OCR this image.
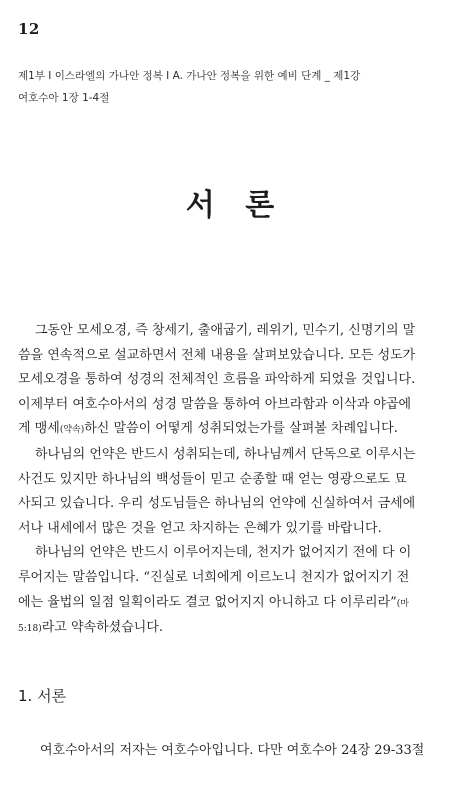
12
제1부 I 이스라엘의 가나안 정복 I A. 가나안 정복을 위한 예비 단계 _ 제1강
여호수아 1장 1-4절
서 론
그동안 모세오경, 즉 창세기, 출애굽기, 레위기, 민수기, 신명기의 말
씀을 연속적으로 설교하면서 전체 내용을 살펴보았습니다. 모든 성도가
모세오경을 통하여 성경의 전체적인 흐름을 파악하게 되었을 것입니다.
이제부터 여호수아서의 성경 말씀을 통하여 아브라함과 이삭과 야곱에
게 맹세(약속)하신 말씀이 어떻게 성취되었는가를 살펴볼 차례입니다.
하나님의 언약은 반드시 성취되는데, 하나님께서 단독으로 이루시는
사건도 있지만 하나님의 백성들이 믿고 순종할 때 얻는 영광으로도 묘
사되고 있습니다. 우리 성도님들은 하나님의 언약에 신실하여서 금세에
서나 내세에서 많은 것을 얻고 차지하는 은혜가 있기를 바랍니다.
하나님의 언약은 반드시 이루어지는데, 천지가 없어지기 전에 다 이
루어지는 말씀입니다. “진실로 너희에게 이르노니 천지가 없어지기 전
에는 율법의 일점 일획이라도 결코 없어지지 아니하고 다 이루리라”(마
5:18)라고 약속하셨습니다.
1. 서론
여호수아서의 저자는 여호수아입니다. 다만 여호수아 24장 29-33절
